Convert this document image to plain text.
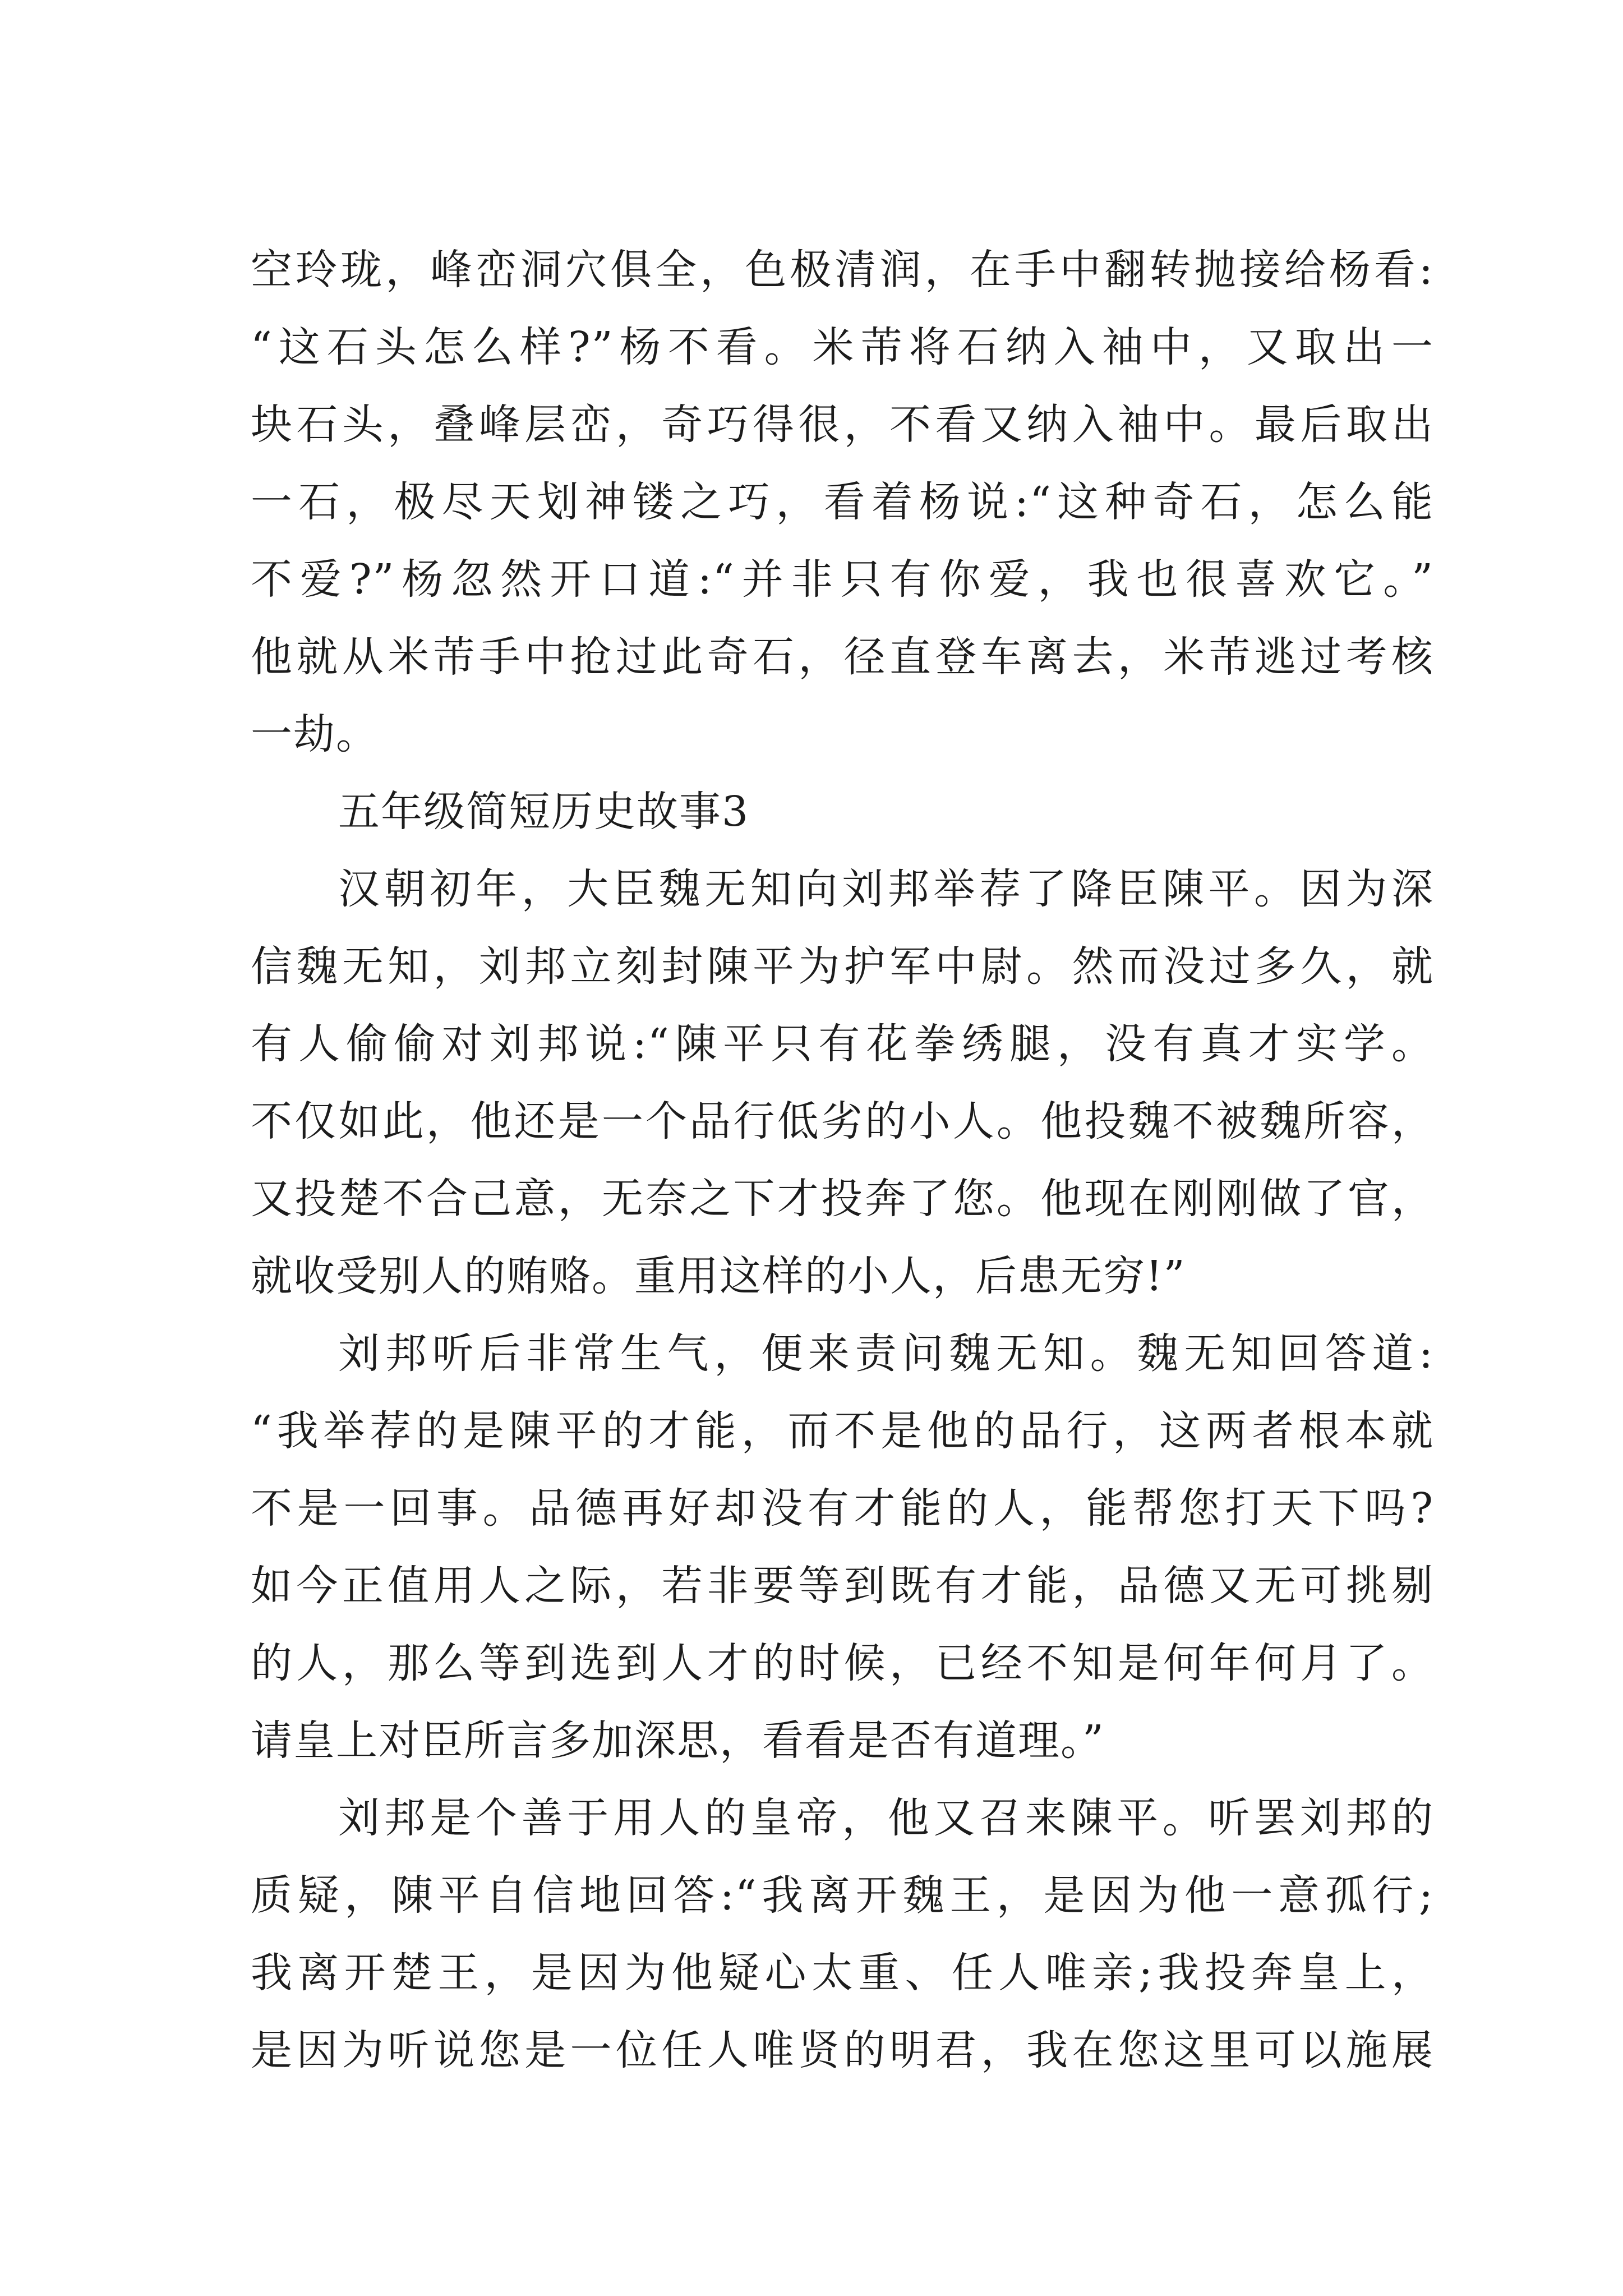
空玲珑，峰峦洞穴俱全，色极清润，在手中翻转抛接给杨看:
“这石头怎么样?”杨不看。米芾将石纳入袖中，又取出一
块石头，叠峰层峦，奇巧得很，不看又纳入袖中。最后取出
一石，极尽天划神镂之巧，看着杨说:“这种奇石，怎么能
不爱?”杨忽然开口道:“并非只有你爱，我也很喜欢它。”
他就从米芾手中抢过此奇石，径直登车离去，米芾逃过考核
一劫。
五年级简短历史故事3
汉朝初年，大臣魏无知向刘邦举荐了降臣陳平。因为深
信魏无知，刘邦立刻封陳平为护军中尉。然而没过多久，就
有人偷偷对刘邦说:“陳平只有花拳绣腿，没有真才实学。
不仅如此，他还是一个品行低劣的小人。他投魏不被魏所容，
又投楚不合己意，无奈之下才投奔了您。他现在刚刚做了官，
就收受别人的贿赂。重用这样的小人，后患无穷!”
刘邦听后非常生气，便来责问魏无知。魏无知回答道:
“我举荐的是陳平的才能，而不是他的品行，这两者根本就
不是一回事。品德再好却没有才能的人，能帮您打天下吗?
如今正值用人之际，若非要等到既有才能，品德又无可挑剔
的人，那么等到选到人才的时候，已经不知是何年何月了。
请皇上对臣所言多加深思，看看是否有道理。”
刘邦是个善于用人的皇帝，他又召来陳平。听罢刘邦的
质疑，陳平自信地回答:“我离开魏王，是因为他一意孤行;
我离开楚王，是因为他疑心太重、任人唯亲;我投奔皇上，
是因为听说您是一位任人唯贤的明君，我在您这里可以施展
